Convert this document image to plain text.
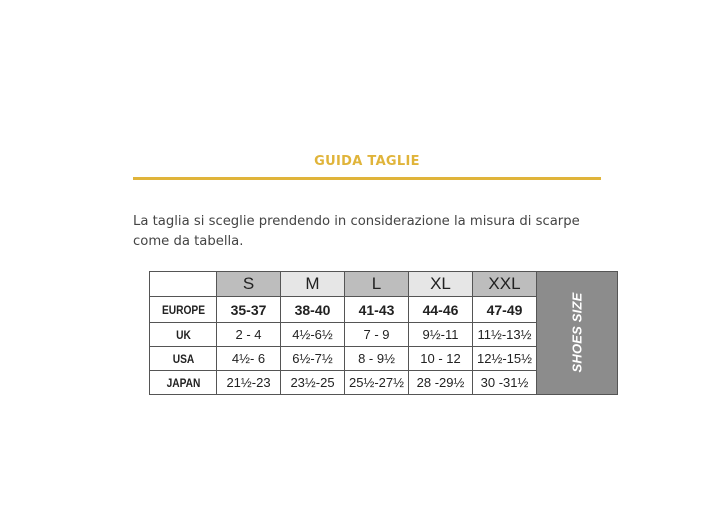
GUIDA TAGLIE
La taglia si sceglie prendendo in considerazione la misura di scarpe come da tabella.
	S	M	L	XL	XXL	SHOES SIZE
EUROPE	35-37	38-40	41-43	44-46	47-49	
UK	2 - 4	4½-6½	7 - 9	9½-11	11½-13½	
USA	4½- 6	6½-7½	8 - 9½	10 - 12	12½-15½	
JAPAN	21½-23	23½-25	25½-27½	28 -29½	30 -31½	
